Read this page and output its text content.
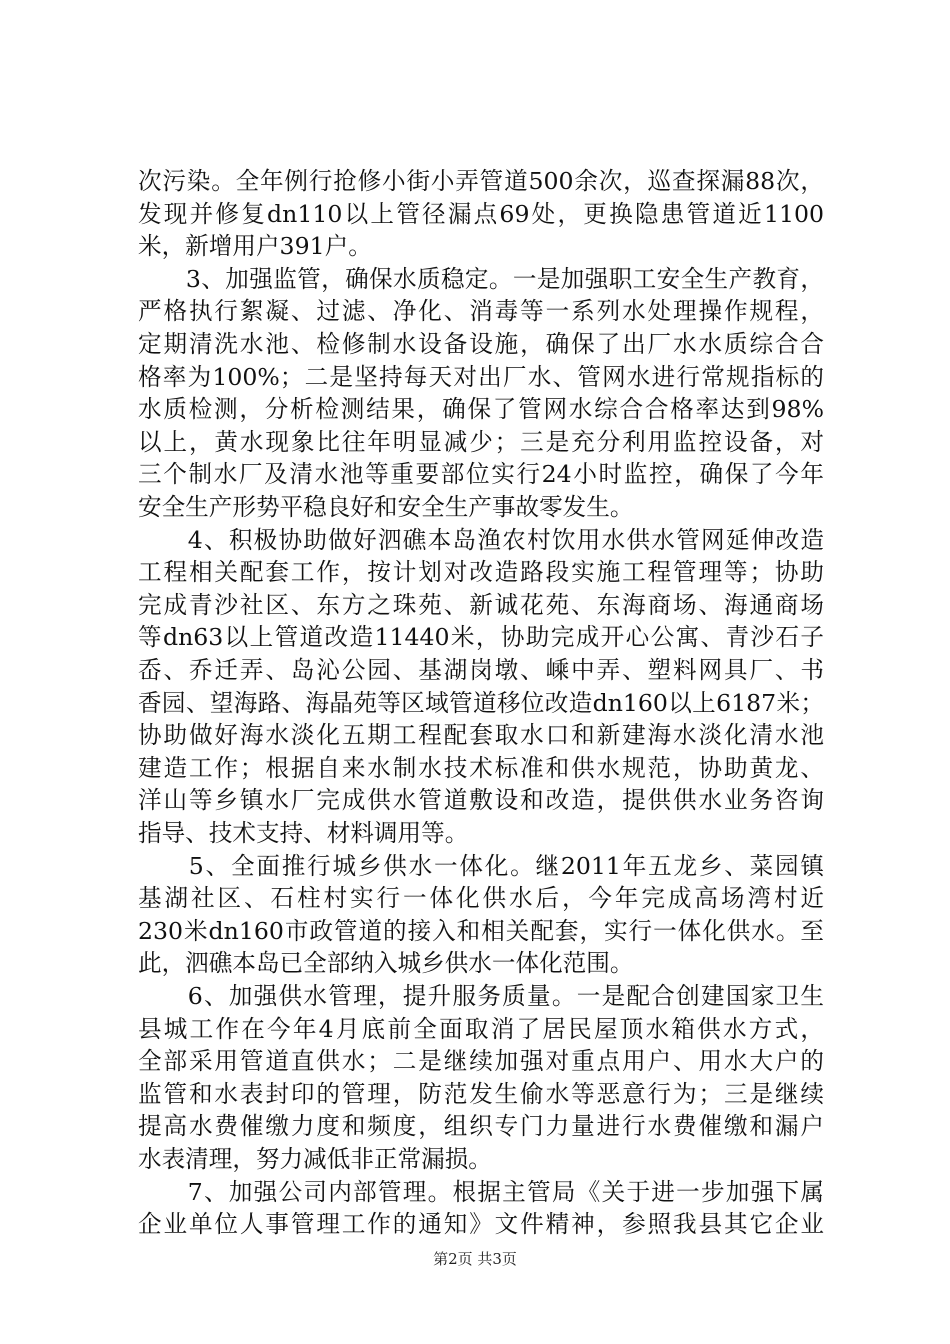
次污染。全年例行抢修小街小弄管道500余次，巡查探漏88次，
发现并修复dn110以上管径漏点69处，更换隐患管道近1100
米，新增用户391户。
　　3、加强监管，确保水质稳定。一是加强职工安全生产教育，
严格执行絮凝、过滤、净化、消毒等一系列水处理操作规程，
定期清洗水池、检修制水设备设施，确保了出厂水水质综合合
格率为100%；二是坚持每天对出厂水、管网水进行常规指标的
水质检测，分析检测结果，确保了管网水综合合格率达到98%
以上，黄水现象比往年明显减少；三是充分利用监控设备，对
三个制水厂及清水池等重要部位实行24小时监控，确保了今年
安全生产形势平稳良好和安全生产事故零发生。
　　4、积极协助做好泗礁本岛渔农村饮用水供水管网延伸改造
工程相关配套工作，按计划对改造路段实施工程管理等；协助
完成青沙社区、东方之珠苑、新诚花苑、东海商场、海通商场
等dn63以上管道改造11440米，协助完成开心公寓、青沙石子
岙、乔迁弄、岛沁公园、基湖岗墩、嵊中弄、塑料网具厂、书
香园、望海路、海晶苑等区域管道移位改造dn160以上6187米；
协助做好海水淡化五期工程配套取水口和新建海水淡化清水池
建造工作；根据自来水制水技术标准和供水规范，协助黄龙、
洋山等乡镇水厂完成供水管道敷设和改造，提供供水业务咨询
指导、技术支持、材料调用等。
　　5、全面推行城乡供水一体化。继2011年五龙乡、菜园镇
基湖社区、石柱村实行一体化供水后，今年完成高场湾村近
230米dn160市政管道的接入和相关配套，实行一体化供水。至
此，泗礁本岛已全部纳入城乡供水一体化范围。
　　6、加强供水管理，提升服务质量。一是配合创建国家卫生
县城工作在今年4月底前全面取消了居民屋顶水箱供水方式，
全部采用管道直供水；二是继续加强对重点用户、用水大户的
监管和水表封印的管理，防范发生偷水等恶意行为；三是继续
提高水费催缴力度和频度，组织专门力量进行水费催缴和漏户
水表清理，努力减低非正常漏损。
　　7、加强公司内部管理。根据主管局《关于进一步加强下属
企业单位人事管理工作的通知》文件精神，参照我县其它企业
第2页 共3页
